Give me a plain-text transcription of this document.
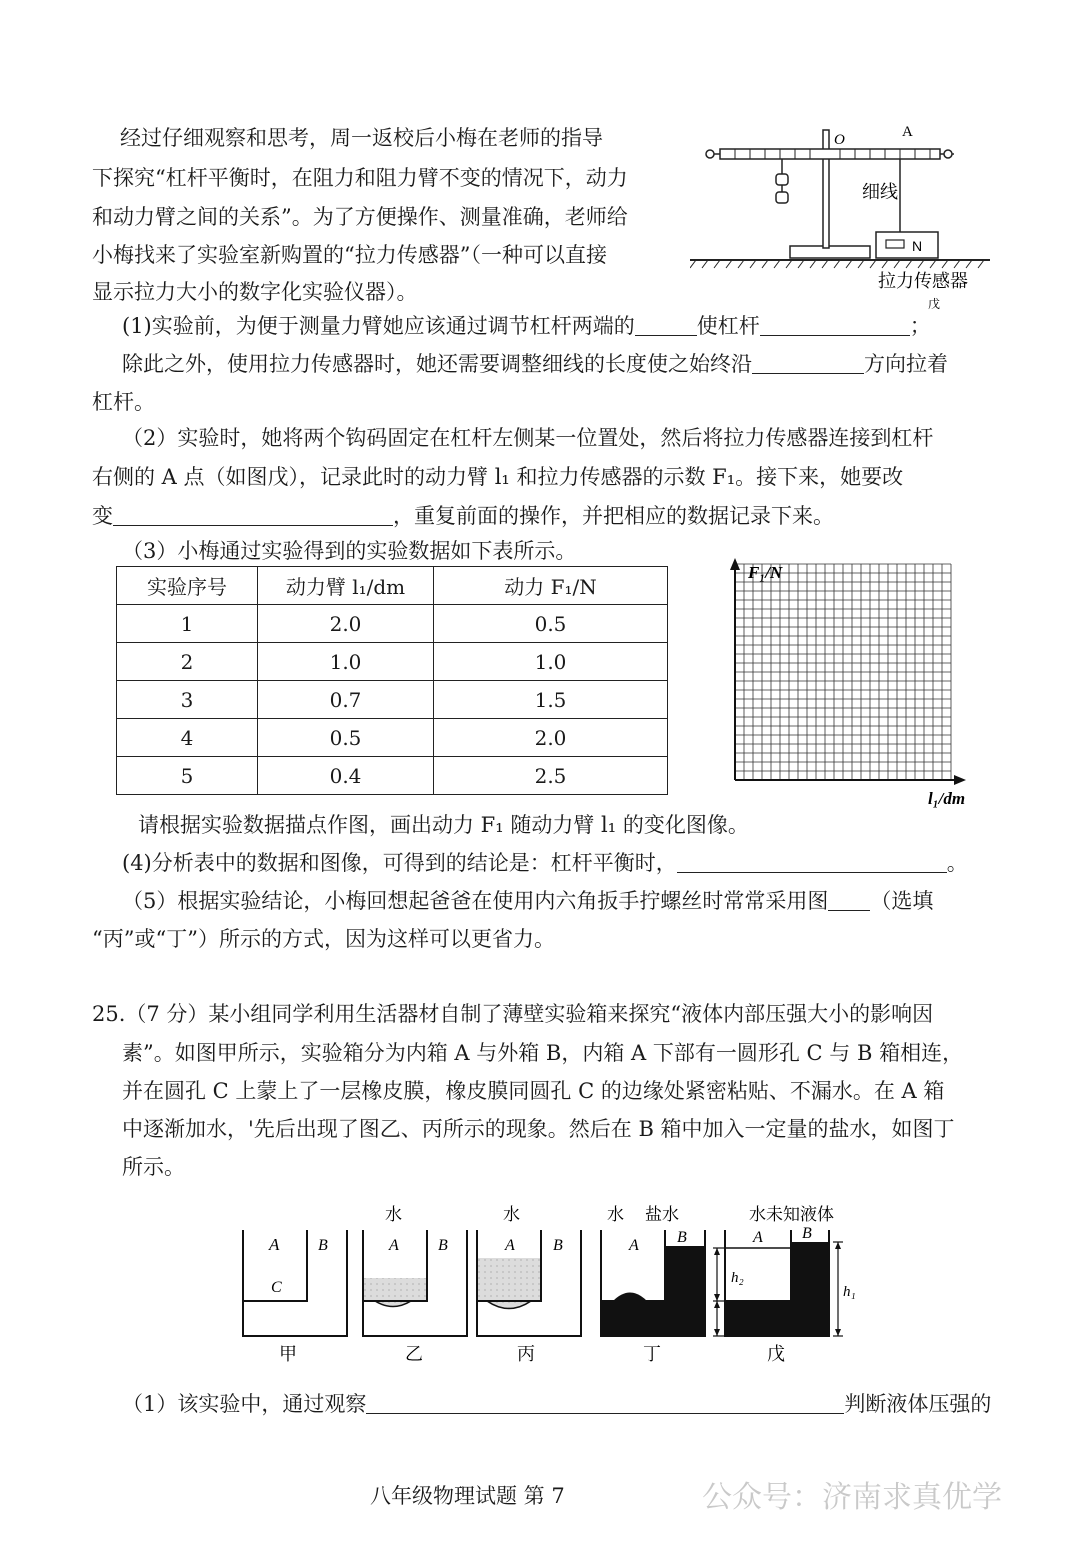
经过仔细观察和思考，周一返校后小梅在老师的指导
下探究“杠杆平衡时，在阻力和阻力臂不变的情况下，动力
和动力臂之间的关系”。为了方便操作、测量准确，老师给
小梅找来了实验室新购置的“拉力传感器”（一种可以直接
显示拉力大小的数字化实验仪器）。
N
O	A
细线
拉力传感器
戊
(1)实验前，为便于测量力臂她应该通过调节杠杆两端的	使杠杆	；
除此之外，使用拉力传感器时，她还需要调整细线的长度使之始终沿	方向拉着
杠杆。
（2）实验时，她将两个钩码固定在杠杆左侧某一位置处，然后将拉力传感器连接到杠杆
右侧的 A 点（如图戊），记录此时的动力臂 l₁ 和拉力传感器的示数 F₁。接下来，她要改
变	，重复前面的操作，并把相应的数据记录下来。
（3）小梅通过实验得到的实验数据如下表所示。
实验序号	动力臂 l₁/dm	动力 F₁/N
1	2.0	0.5
2	1.0	1.0
3	0.7	1.5
4	0.5	2.0
5	0.4	2.5
F₁/N
l₁/dm
请根据实验数据描点作图，画出动力 F₁ 随动力臂 l₁ 的变化图像。
(4)分析表中的数据和图像，可得到的结论是：杠杆平衡时，	。
（5）根据实验结论，小梅回想起爸爸在使用内六角扳手拧螺丝时常常采用图 （选填
“丙”或“丁”）所示的方式，因为这样可以更省力。
25.（7 分）某小组同学利用生活器材自制了薄壁实验箱来探究“液体内部压强大小的影响因
素”。如图甲所示，实验箱分为内箱 A 与外箱 B，内箱 A 下部有一圆形孔 C 与 B 箱相连，
并在圆孔 C 上蒙上了一层橡皮膜，橡皮膜同圆孔 C 的边缘处紧密粘贴、不漏水。在 A 箱
中逐渐加水，'先后出现了图乙、丙所示的现象。然后在 B 箱中加入一定量的盐水，如图丁
所示。
A B
C
甲
水
A B
乙
水
A B
丙
水 盐水
A B
丁
水 未知液体
A B
h₂
h₁
戊
（1）该实验中，通过观察	判断液体压强的
八年级物理试题 第 7	公众号：济南求真优学
